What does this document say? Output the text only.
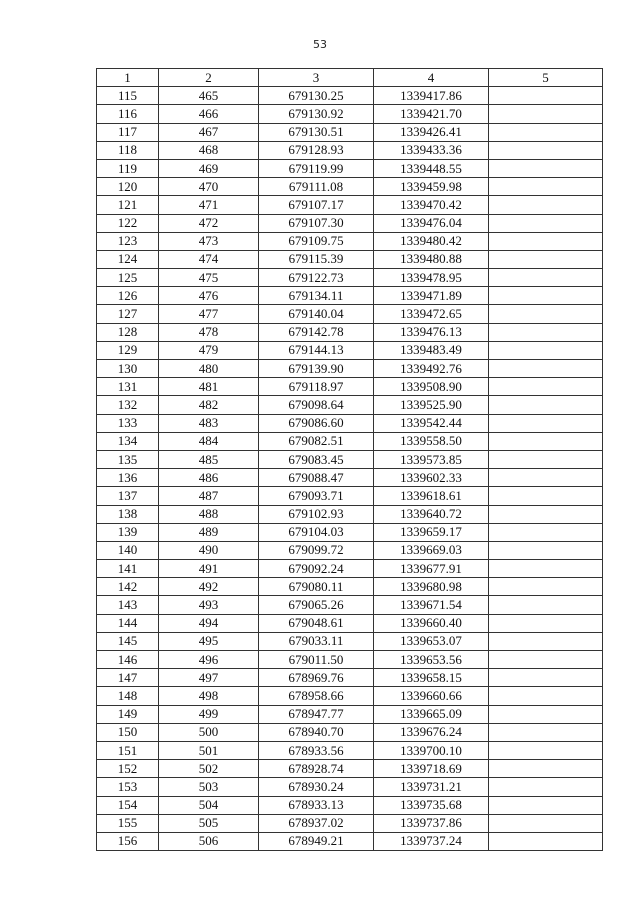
53
1	2	3	4	5
115	465	679130.25	1339417.86	
116	466	679130.92	1339421.70	
117	467	679130.51	1339426.41	
118	468	679128.93	1339433.36	
119	469	679119.99	1339448.55	
120	470	679111.08	1339459.98	
121	471	679107.17	1339470.42	
122	472	679107.30	1339476.04	
123	473	679109.75	1339480.42	
124	474	679115.39	1339480.88	
125	475	679122.73	1339478.95	
126	476	679134.11	1339471.89	
127	477	679140.04	1339472.65	
128	478	679142.78	1339476.13	
129	479	679144.13	1339483.49	
130	480	679139.90	1339492.76	
131	481	679118.97	1339508.90	
132	482	679098.64	1339525.90	
133	483	679086.60	1339542.44	
134	484	679082.51	1339558.50	
135	485	679083.45	1339573.85	
136	486	679088.47	1339602.33	
137	487	679093.71	1339618.61	
138	488	679102.93	1339640.72	
139	489	679104.03	1339659.17	
140	490	679099.72	1339669.03	
141	491	679092.24	1339677.91	
142	492	679080.11	1339680.98	
143	493	679065.26	1339671.54	
144	494	679048.61	1339660.40	
145	495	679033.11	1339653.07	
146	496	679011.50	1339653.56	
147	497	678969.76	1339658.15	
148	498	678958.66	1339660.66	
149	499	678947.77	1339665.09	
150	500	678940.70	1339676.24	
151	501	678933.56	1339700.10	
152	502	678928.74	1339718.69	
153	503	678930.24	1339731.21	
154	504	678933.13	1339735.68	
155	505	678937.02	1339737.86	
156	506	678949.21	1339737.24	
